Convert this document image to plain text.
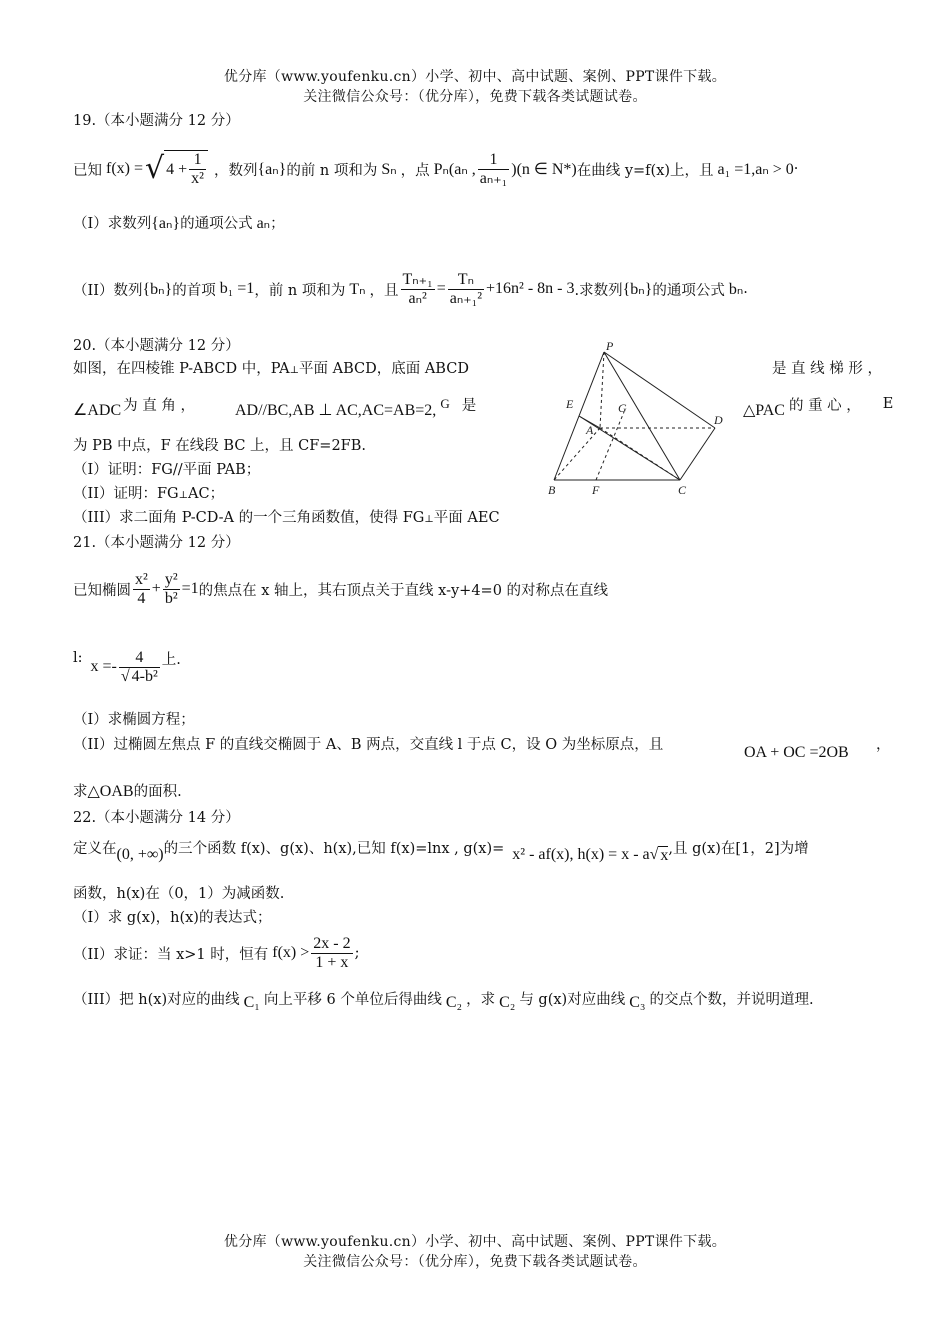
优分库（www.youfenku.cn）小学、初中、高中试题、案例、PPT课件下载。
关注微信公众号：（优分库），免费下载各类试题试卷。
19.（本小题满分 12 分）
已知 f(x) = √ $4 + \frac{1}{\text{x²}}$ ，数列 {aₙ} 的前 n 项和为 Sₙ ，点 Pₙ(aₙ , $\frac{1}{\text{aₙ₊₁}} )(n$ ∈ N*) 在曲线 y=f(x)上，且 a₁ =1,aₙ > 0 ·
（I）求数列 {aₙ} 的通项公式 aₙ ；
（II）数列 {bₙ} 的首项 b₁ =1 ，前 n 项和为 Tₙ ，且 $\frac{\text{Tₙ₊₁}}{\text{aₙ²}} = \frac{\text{Tₙ}}{\text{aₙ₊₁²}} +16n^2 - 8n - 3$ .求数列 {bₙ} 的通项公式 bₙ .
20.（本小题满分 12 分）
如图，在四棱锥 P-ABCD 中，PA⊥平面 ABCD，底面 ABCD	是 直 线 梯 形 ，
∠ADC 为 直 角 ，	AD//BC,AB ⊥ AC,AC=AB=2, G 是	△PAC 的 重 心 ， E
为 PB 中点，F 在线段 BC 上，且 CF=2FB.
（I）证明：FG//平面 PAB；
（II）证明：FG⊥AC；
（III）求二面角 P-CD-A 的一个三角函数值，使得 FG⊥平面 AEC
P
E	G
A
D
B	F	C
21.（本小题满分 12 分）
已知椭圆 $\frac{\text{x²}}{4} + \frac{\text{y²}}{\text{b²}} =1$ 的焦点在 x 轴上，其右顶点关于直线 x-y+4=0 的对称点在直线
l: $x =- \frac{4}{\text{√ 4-b²}}$ 上.
（I）求椭圆方程；
（II）过椭圆左焦点 F 的直线交椭圆于 A、B 两点，交直线 l 于点 C，设 O 为坐标原点，且	OA + OC =2OB ，
求 △OAB 的面积.
22.（本小题满分 14 分）
定义在 (0, +∞) 的三个函数 f(x)、g(x)、h(x),已知 f(x)=lnx , g(x)= x² - af(x), h(x) = x - a √ x ,且 g(x)在[1，2]为增
函数，h(x)在（0，1）为减函数.
（I）求 g(x)，h(x)的表达式；
（II）求证：当 x>1 时，恒有 $f(x) > \frac{2x - 2}{1 + x}$ ;
（III）把 h(x)对应的曲线 C₁ 向上平移 6 个单位后得曲线 C₂ ，求 C₂ 与 g(x)对应曲线 C₃ 的交点个数，并说明道理.
优分库（www.youfenku.cn）小学、初中、高中试题、案例、PPT课件下载。
关注微信公众号：（优分库），免费下载各类试题试卷。
